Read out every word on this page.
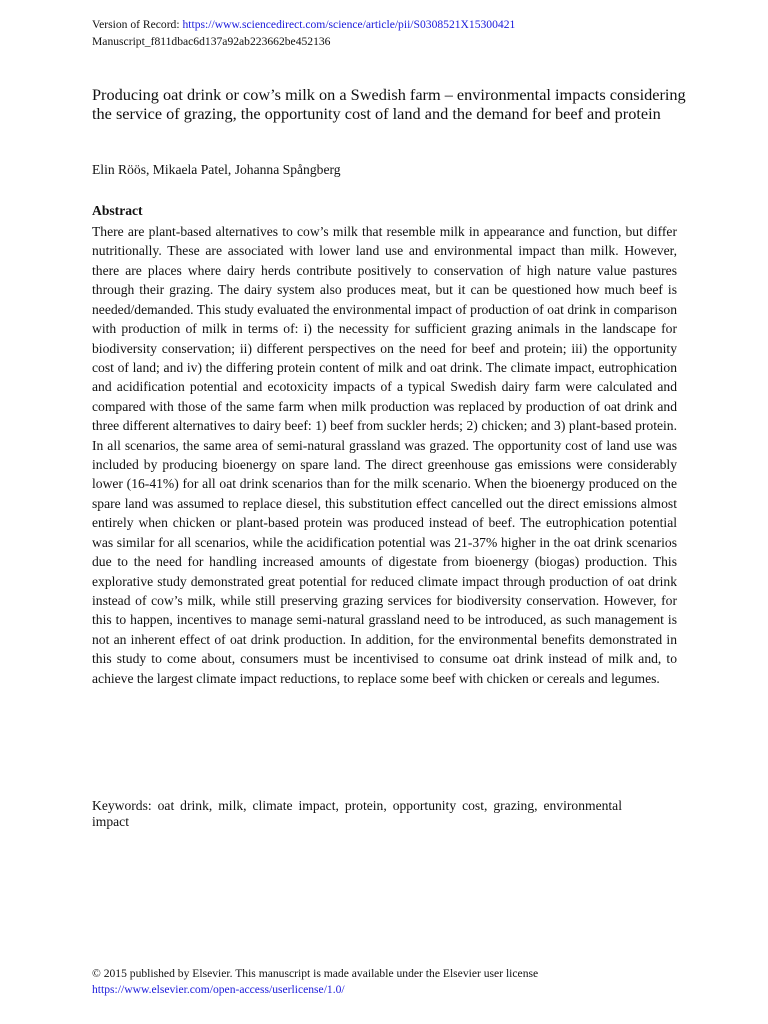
Version of Record: https://www.sciencedirect.com/science/article/pii/S0308521X15300421
Manuscript_f811dbac6d137a92ab223662be452136
Producing oat drink or cow’s milk on a Swedish farm – environmental impacts considering the service of grazing, the opportunity cost of land and the demand for beef and protein
Elin Röös, Mikaela Patel, Johanna Spångberg
Abstract

There are plant-based alternatives to cow’s milk that resemble milk in appearance and function, but differ nutritionally. These are associated with lower land use and environmental impact than milk. However, there are places where dairy herds contribute positively to conservation of high nature value pastures through their grazing. The dairy system also produces meat, but it can be questioned how much beef is needed/demanded. This study evaluated the environmental impact of production of oat drink in comparison with production of milk in terms of: i) the necessity for sufficient grazing animals in the landscape for biodiversity conservation; ii) different perspectives on the need for beef and protein; iii) the opportunity cost of land; and iv) the differing protein content of milk and oat drink. The climate impact, eutrophication and acidification potential and ecotoxicity impacts of a typical Swedish dairy farm were calculated and compared with those of the same farm when milk production was replaced by production of oat drink and three different alternatives to dairy beef: 1) beef from suckler herds; 2) chicken; and 3) plant-based protein. In all scenarios, the same area of semi-natural grassland was grazed. The opportunity cost of land use was included by producing bioenergy on spare land. The direct greenhouse gas emissions were considerably lower (16-41%) for all oat drink scenarios than for the milk scenario. When the bioenergy produced on the spare land was assumed to replace diesel, this substitution effect cancelled out the direct emissions almost entirely when chicken or plant-based protein was produced instead of beef. The eutrophication potential was similar for all scenarios, while the acidification potential was 21-37% higher in the oat drink scenarios due to the need for handling increased amounts of digestate from bioenergy (biogas) production. This explorative study demonstrated great potential for reduced climate impact through production of oat drink instead of cow’s milk, while still preserving grazing services for biodiversity conservation. However, for this to happen, incentives to manage semi-natural grassland need to be introduced, as such management is not an inherent effect of oat drink production. In addition, for the environmental benefits demonstrated in this study to come about, consumers must be incentivised to consume oat drink instead of milk and, to achieve the largest climate impact reductions, to replace some beef with chicken or cereals and legumes.

Keywords: oat drink, milk, climate impact, protein, opportunity cost, grazing, environmental impact

© 2015 published by Elsevier. This manuscript is made available under the Elsevier user license
https://www.elsevier.com/open-access/userlicense/1.0/
